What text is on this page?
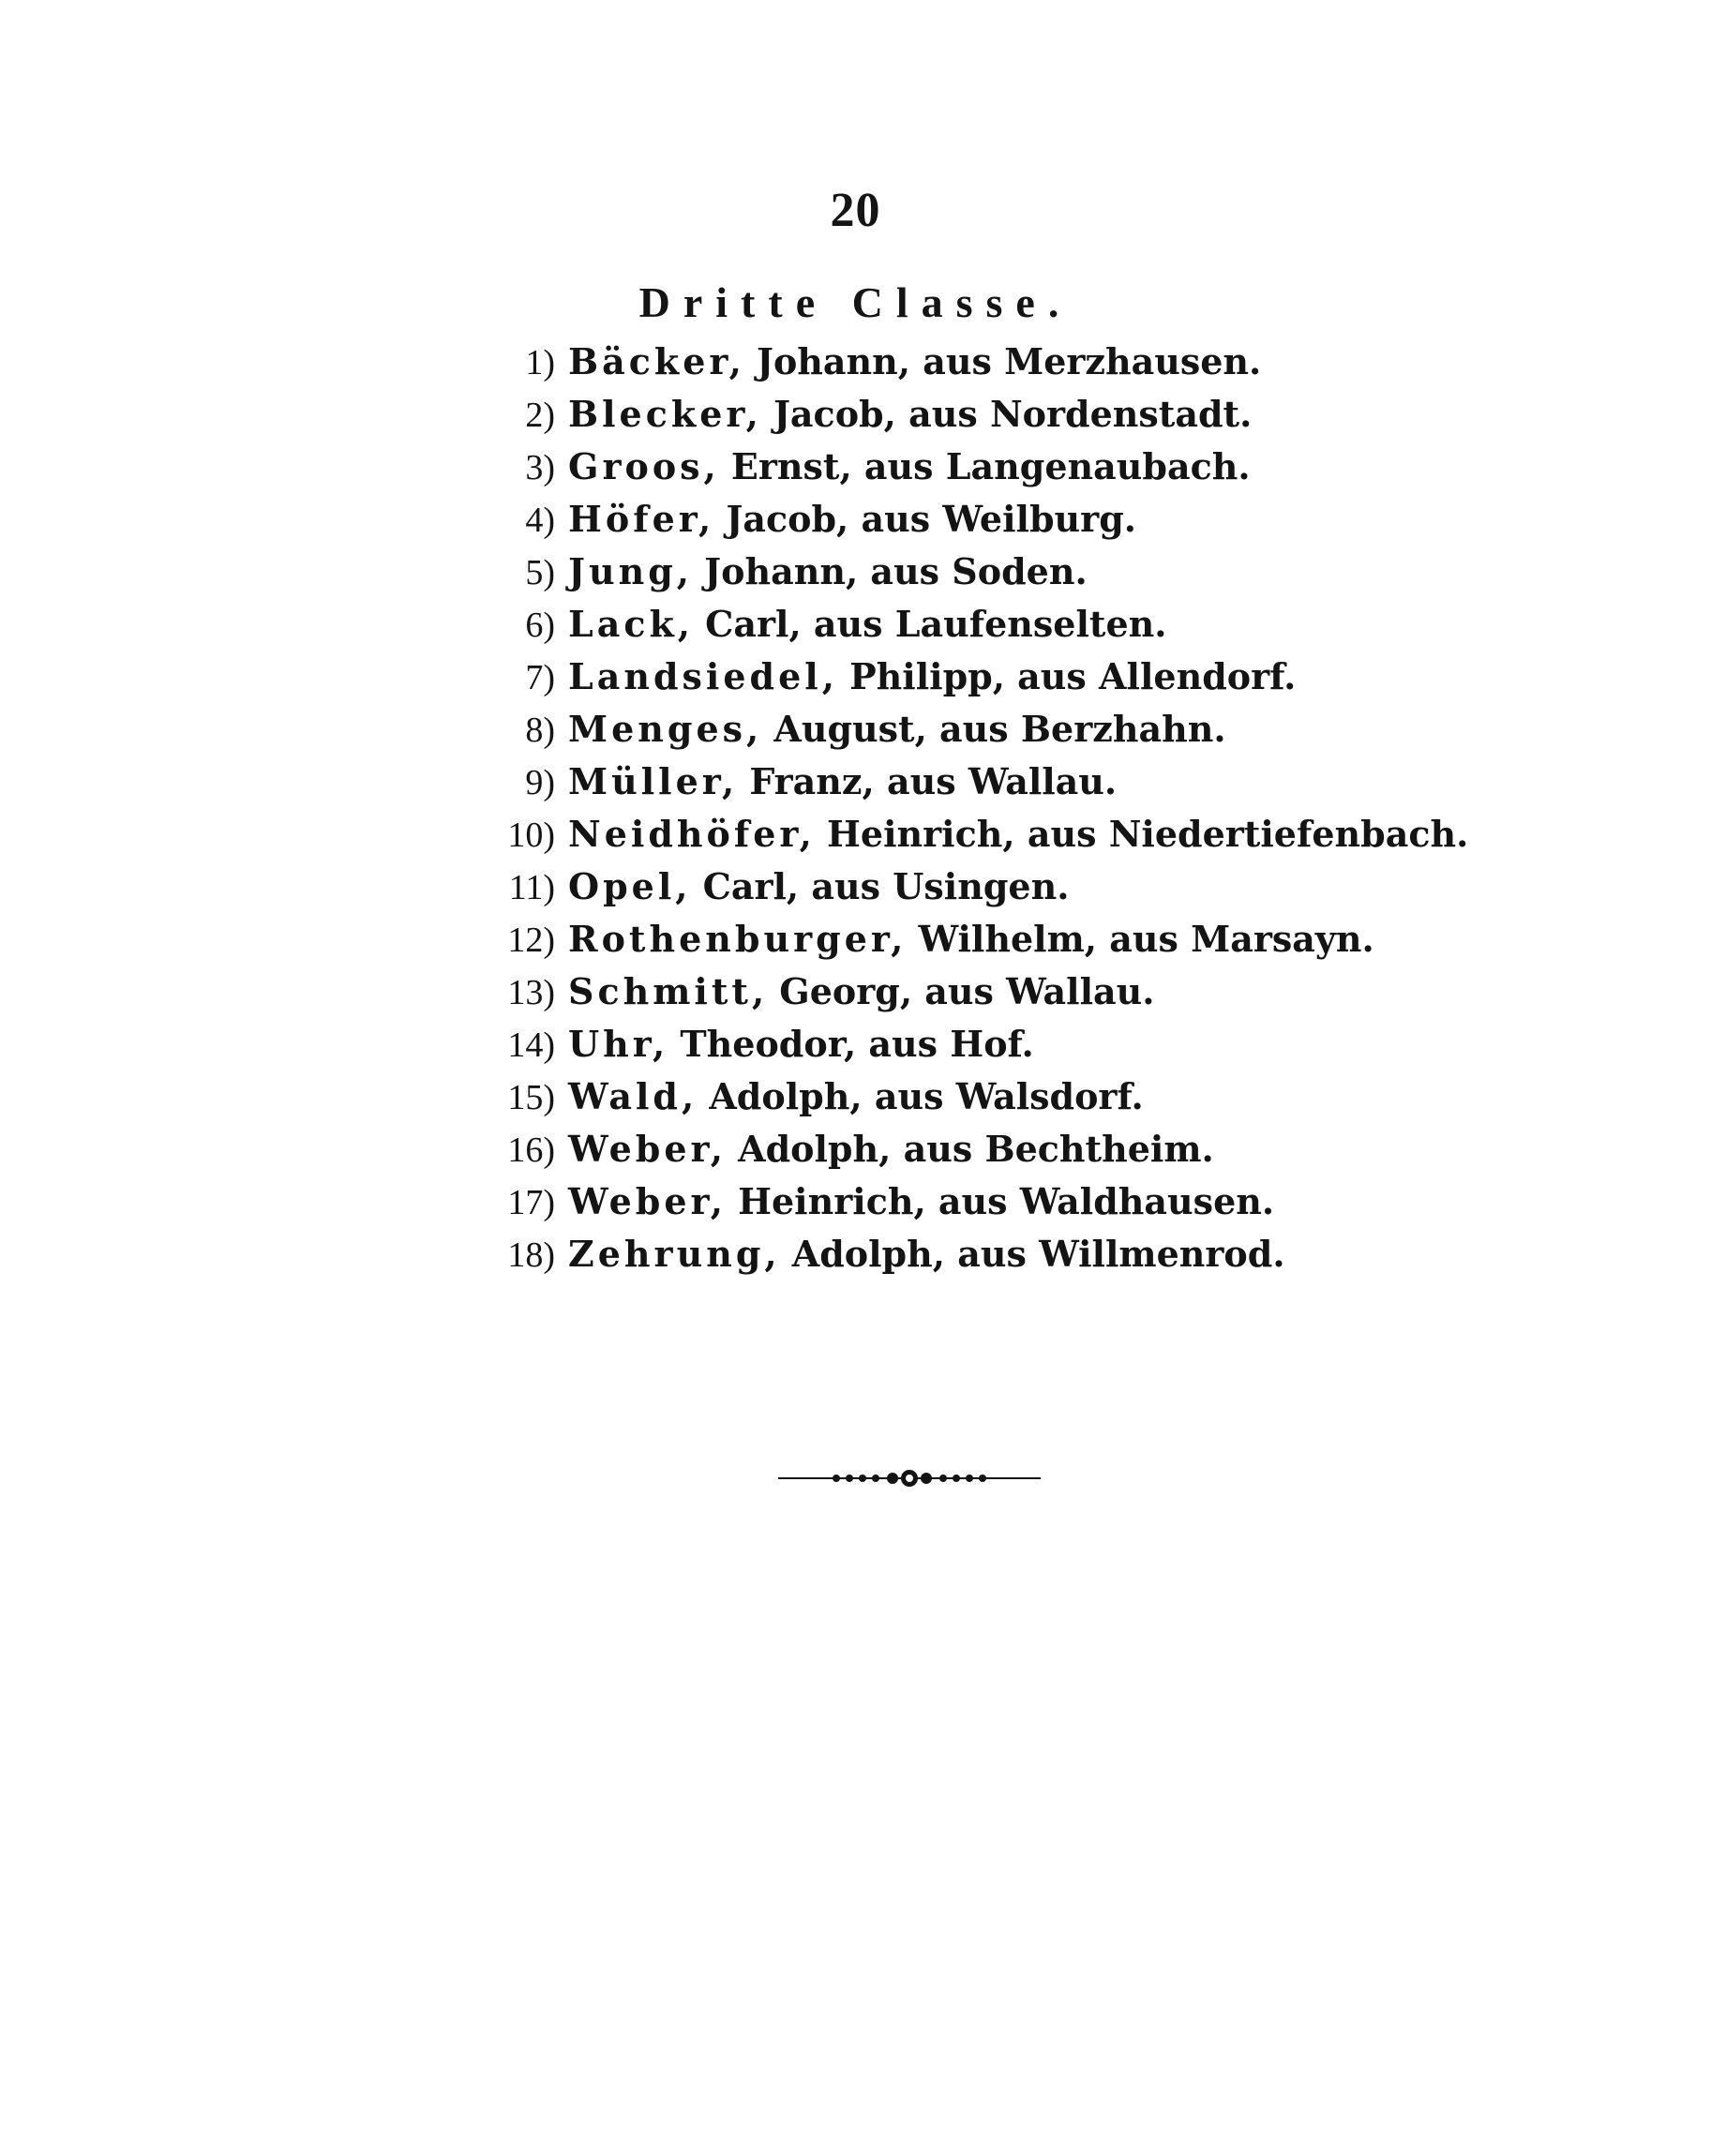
20
Dritte Classe.
1) Bäcker, Johann, aus Merzhausen.
2) Blecker, Jacob, aus Nordenstadt.
3) Groos, Ernst, aus Langenaubach.
4) Höfer, Jacob, aus Weilburg.
5) Jung, Johann, aus Soden.
6) Lack, Carl, aus Laufenselten.
7) Landsiedel, Philipp, aus Allendorf.
8) Menges, August, aus Berzhahn.
9) Müller, Franz, aus Wallau.
10) Neidhöfer, Heinrich, aus Niedertiefenbach.
11) Opel, Carl, aus Usingen.
12) Rothenburger, Wilhelm, aus Marsayn.
13) Schmitt, Georg, aus Wallau.
14) Uhr, Theodor, aus Hof.
15) Wald, Adolph, aus Walsdorf.
16) Weber, Adolph, aus Bechtheim.
17) Weber, Heinrich, aus Waldhausen.
18) Zehrung, Adolph, aus Willmenrod.
